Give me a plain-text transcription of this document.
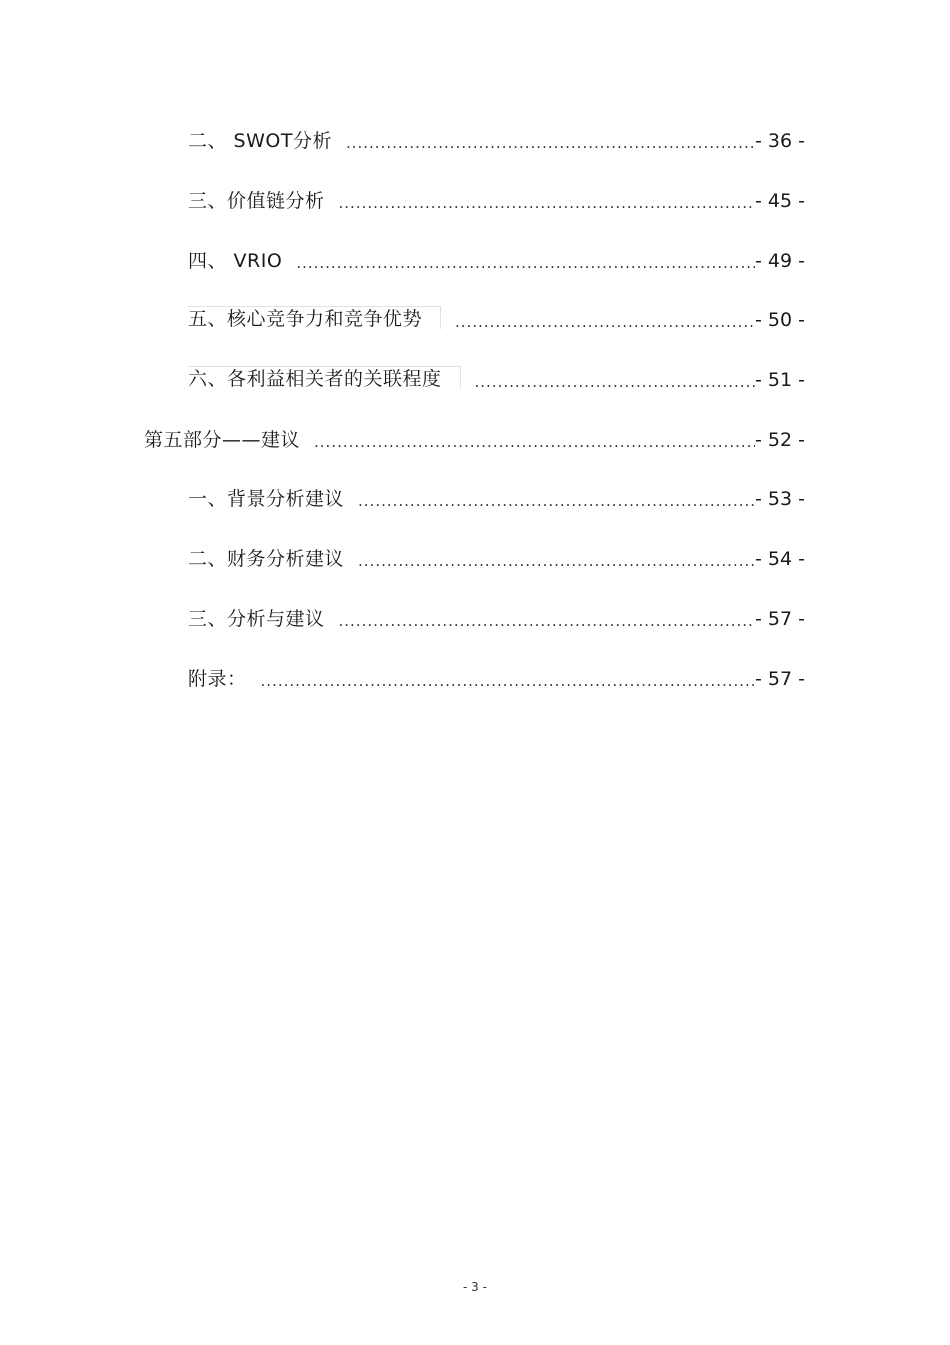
二、 SWOT分析 .....	- 36 -
三、价值链分析 .....	- 45 -
四、 VRIO .....	- 49 -
五、核心竞争力和竞争优势 .....	- 50 -
六、各利益相关者的关联程度 .....	- 51 -
第五部分——建议 .....	- 52 -
一、背景分析建议 .....	- 53 -
二、财务分析建议 .....	- 54 -
三、分析与建议 .....	- 57 -
附录： .....	- 57 -
- 3 -
